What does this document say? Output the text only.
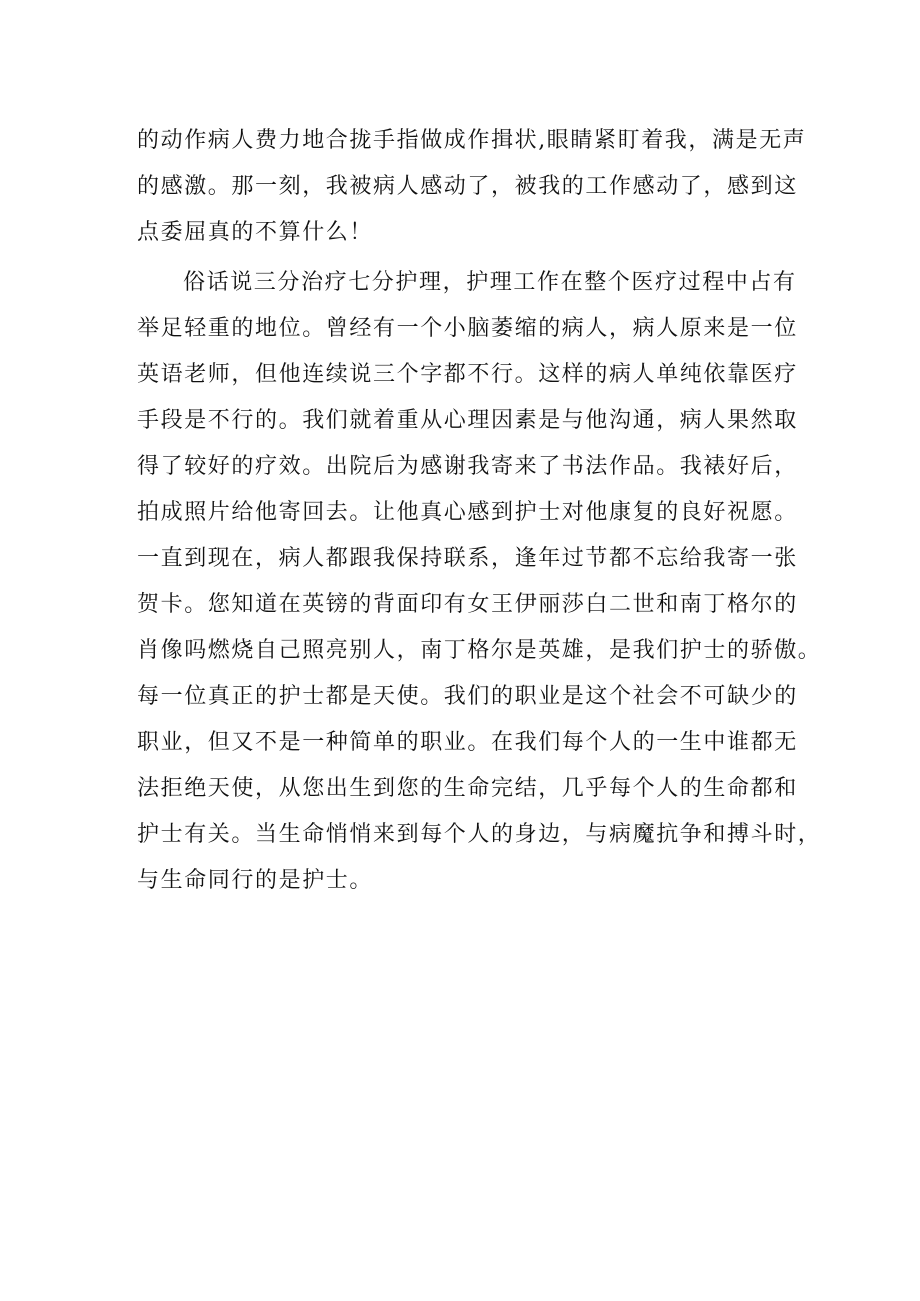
的动作病人费力地合拢手指做成作揖状,眼睛紧盯着我，满是无声
的感激。那一刻，我被病人感动了，被我的工作感动了，感到这
点委屈真的不算什么！
俗话说三分治疗七分护理，护理工作在整个医疗过程中占有
举足轻重的地位。曾经有一个小脑萎缩的病人，病人原来是一位
英语老师，但他连续说三个字都不行。这样的病人单纯依靠医疗
手段是不行的。我们就着重从心理因素是与他沟通，病人果然取
得了较好的疗效。出院后为感谢我寄来了书法作品。我裱好后，
拍成照片给他寄回去。让他真心感到护士对他康复的良好祝愿。
一直到现在，病人都跟我保持联系，逢年过节都不忘给我寄一张
贺卡。您知道在英镑的背面印有女王伊丽莎白二世和南丁格尔的
肖像吗燃烧自己照亮别人，南丁格尔是英雄，是我们护士的骄傲。
每一位真正的护士都是天使。我们的职业是这个社会不可缺少的
职业，但又不是一种简单的职业。在我们每个人的一生中谁都无
法拒绝天使，从您出生到您的生命完结，几乎每个人的生命都和
护士有关。当生命悄悄来到每个人的身边，与病魔抗争和搏斗时，
与生命同行的是护士。
